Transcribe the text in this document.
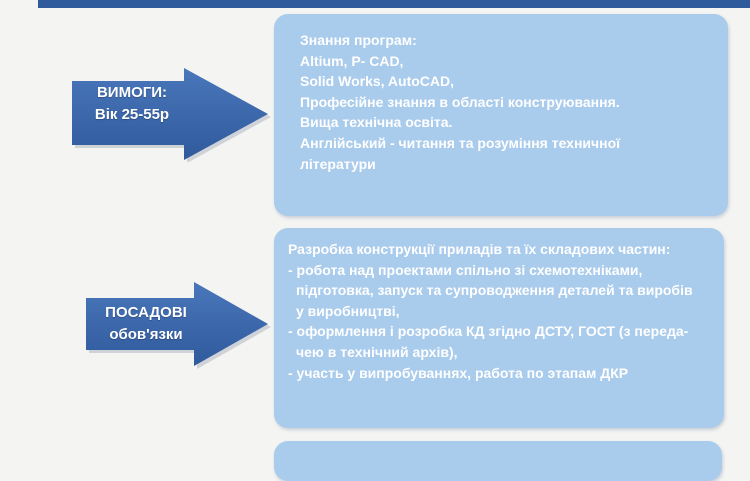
ВИМОГИ:
Вік 25-55р
Знання програм:
Altium, P- CAD,
Solid Works, AutoCAD,
Професійне знання в області конструювання.
Вища технічна освіта.
Англійський - читання та розуміння техничної
літератури
ПОСАДОВІ
обов'язки
Разробка конструкції приладів та їх складових частин:
- робота над проектами спільно зі схемотехніками,
підготовка, запуск та супроводження деталей та виробів
у виробництві,
- оформлення і розробка КД згідно ДСТУ, ГОСТ (з переда-
чею в технічний архів),
- участь у випробуваннях, работа по этапам ДКР
